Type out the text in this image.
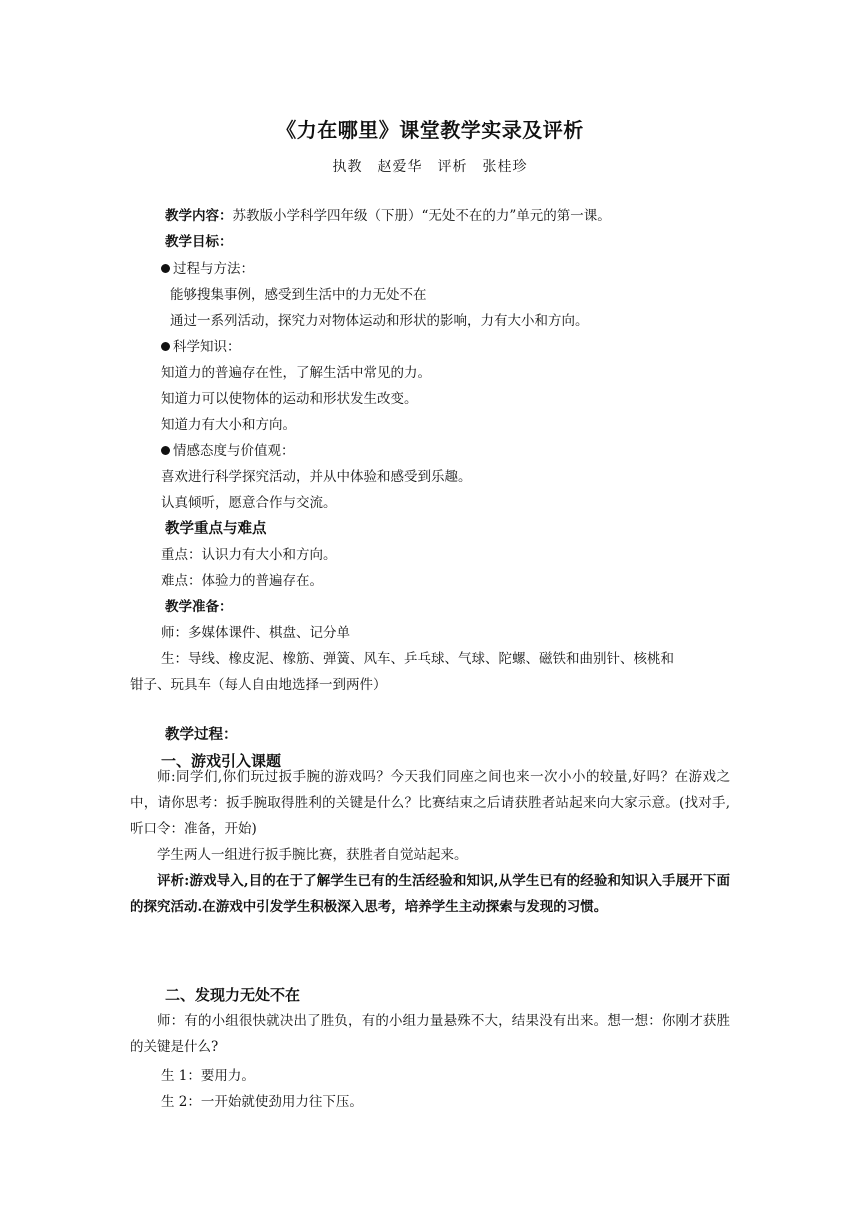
《力在哪里》课堂教学实录及评析
执教　赵爱华　评析　张桂珍
教学内容：苏教版小学科学四年级（下册）“无处不在的力”单元的第一课。
教学目标：
过程与方法：
能够搜集事例，感受到生活中的力无处不在
通过一系列活动，探究力对物体运动和形状的影响，力有大小和方向。
科学知识：
知道力的普遍存在性，了解生活中常见的力。
知道力可以使物体的运动和形状发生改变。
知道力有大小和方向。
情感态度与价值观：
喜欢进行科学探究活动，并从中体验和感受到乐趣。
认真倾听，愿意合作与交流。
教学重点与难点
重点：认识力有大小和方向。
难点：体验力的普遍存在。
教学准备：
师：多媒体课件、棋盘、记分单
生：导线、橡皮泥、橡筋、弹簧、风车、乒乓球、气球、陀螺、磁铁和曲别针、核桃和
钳子、玩具车（每人自由地选择一到两件）
教学过程：
一、游戏引入课题

师:同学们,你们玩过扳手腕的游戏吗？今天我们同座之间也来一次小小的较量,好吗？在游戏之中，请你思考：扳手腕取得胜利的关键是什么？比赛结束之后请获胜者站起来向大家示意。(找对手,听口令：准备，开始)

学生两人一组进行扳手腕比赛，获胜者自觉站起来。

评析:游戏导入,目的在于了解学生已有的生活经验和知识,从学生已有的经验和知识入手展开下面的探究活动.在游戏中引发学生积极深入思考，培养学生主动探索与发现的习惯。

二、发现力无处不在

师：有的小组很快就决出了胜负，有的小组力量悬殊不大，结果没有出来。想一想：你刚才获胜的关键是什么?

生 1：要用力。
生 2：一开始就使劲用力往下压。
